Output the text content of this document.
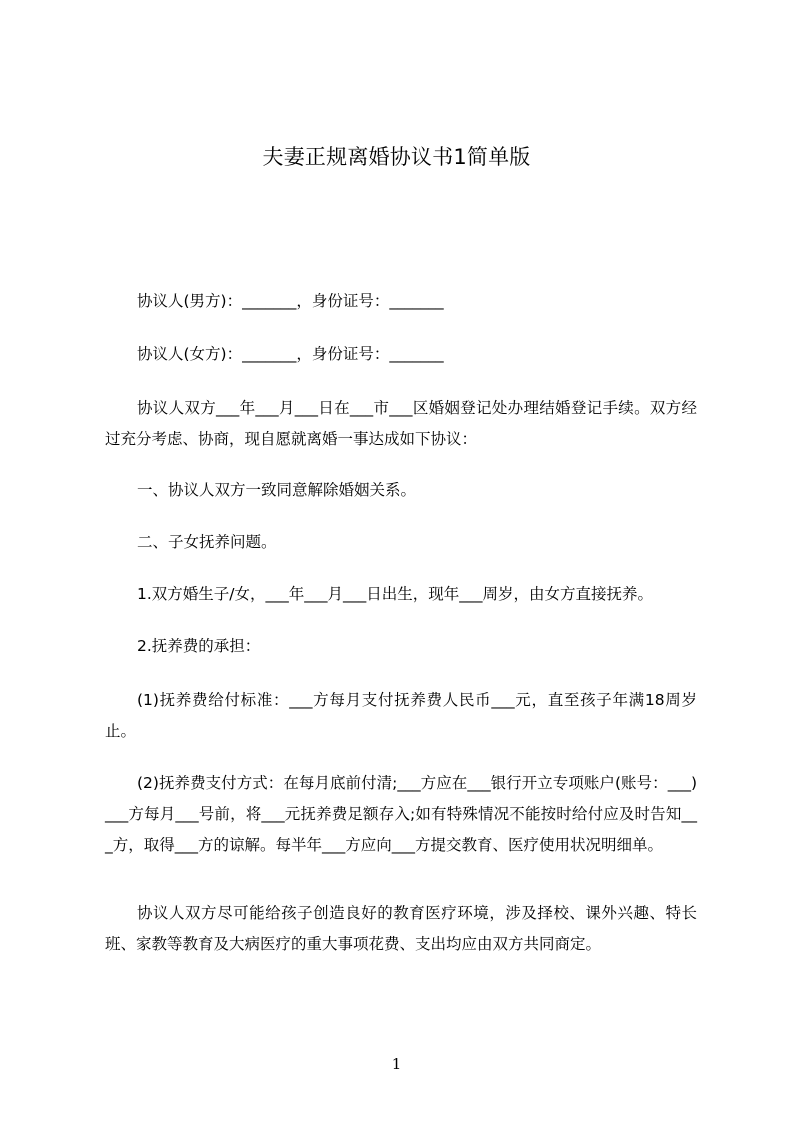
夫妻正规离婚协议书1简单版

协议人(男方)：_______，身份证号：_______

协议人(女方)：_______，身份证号：_______

协议人双方___年___月___日在___市___区婚姻登记处办理结婚登记手续。双方经过充分考虑、协商，现自愿就离婚一事达成如下协议：

一、协议人双方一致同意解除婚姻关系。

二、子女抚养问题。

1.双方婚生子/女，___年___月___日出生，现年___周岁，由女方直接抚养。

2.抚养费的承担：

(1)抚养费给付标准：___方每月支付抚养费人民币___元，直至孩子年满18周岁止。

(2)抚养费支付方式：在每月底前付清;___方应在___银行开立专项账户(账号：___)___方每月___号前，将___元抚养费足额存入;如有特殊情况不能按时给付应及时告知___方，取得___方的谅解。每半年___方应向___方提交教育、医疗使用状况明细单。

协议人双方尽可能给孩子创造良好的教育医疗环境，涉及择校、课外兴趣、特长班、家教等教育及大病医疗的重大事项花费、支出均应由双方共同商定。

1
